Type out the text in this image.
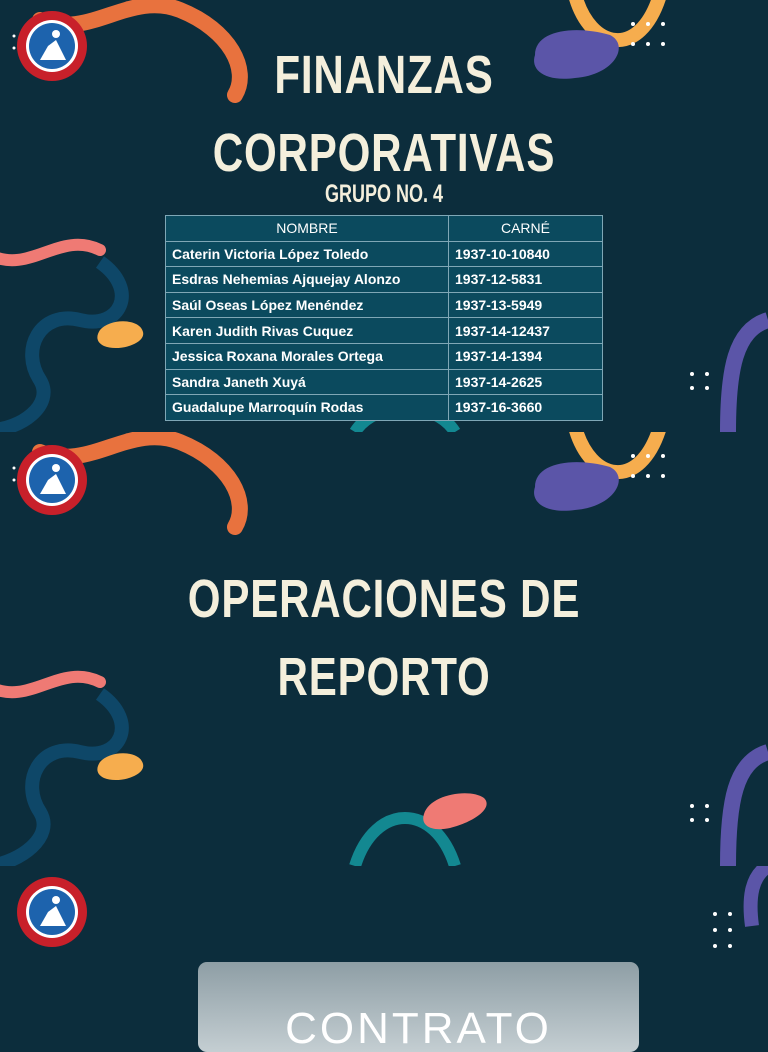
FINANZAS
CORPORATIVAS
GRUPO NO. 4
NOMBRE	CARNÉ
Caterin Victoria López Toledo	1937-10-10840
Esdras Nehemias Ajquejay Alonzo	1937-12-5831
Saúl Oseas López Menéndez	1937-13-5949
Karen Judith Rivas Cuquez	1937-14-12437
Jessica Roxana Morales Ortega	1937-14-1394
Sandra Janeth Xuyá	1937-14-2625
Guadalupe Marroquín Rodas	1937-16-3660
OPERACIONES DE
REPORTO
CONTRATO
